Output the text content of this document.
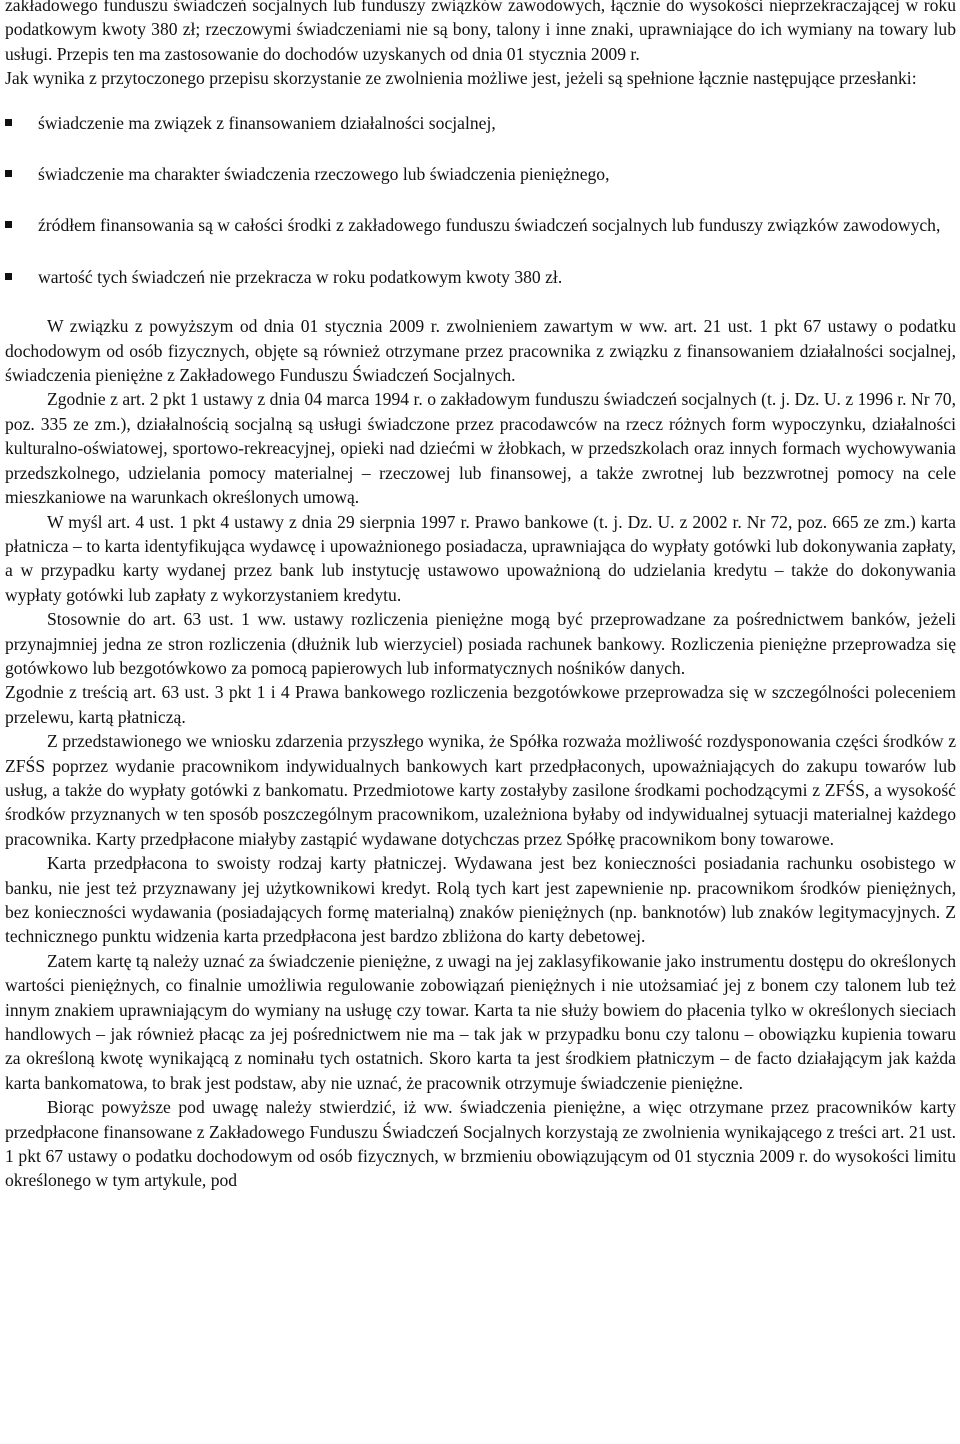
zakładowego funduszu świadczeń socjalnych lub funduszy związków zawodowych, łącznie do wysokości nieprzekraczającej w roku podatkowym kwoty 380 zł; rzeczowymi świadczeniami nie są bony, talony i inne znaki, uprawniające do ich wymiany na towary lub usługi. Przepis ten ma zastosowanie do dochodów uzyskanych od dnia 01 stycznia 2009 r.

Jak wynika z przytoczonego przepisu skorzystanie ze zwolnienia możliwe jest, jeżeli są spełnione łącznie następujące przesłanki:

świadczenie ma związek z finansowaniem działalności socjalnej,
świadczenie ma charakter świadczenia rzeczowego lub świadczenia pieniężnego,
źródłem finansowania są w całości środki z zakładowego funduszu świadczeń socjalnych lub funduszy związków zawodowych,
wartość tych świadczeń nie przekracza w roku podatkowym kwoty 380 zł.

W związku z powyższym od dnia 01 stycznia 2009 r. zwolnieniem zawartym w ww. art. 21 ust. 1 pkt 67 ustawy o podatku dochodowym od osób fizycznych, objęte są również otrzymane przez pracownika z związku z finansowaniem działalności socjalnej, świadczenia pieniężne z Zakładowego Funduszu Świadczeń Socjalnych.

Zgodnie z art. 2 pkt 1 ustawy z dnia 04 marca 1994 r. o zakładowym funduszu świadczeń socjalnych (t. j. Dz. U. z 1996 r. Nr 70, poz. 335 ze zm.), działalnością socjalną są usługi świadczone przez pracodawców na rzecz różnych form wypoczynku, działalności kulturalno-oświatowej, sportowo-rekreacyjnej, opieki nad dziećmi w żłobkach, w przedszkolach oraz innych formach wychowywania przedszkolnego, udzielania pomocy materialnej – rzeczowej lub finansowej, a także zwrotnej lub bezzwrotnej pomocy na cele mieszkaniowe na warunkach określonych umową.

W myśl art. 4 ust. 1 pkt 4 ustawy z dnia 29 sierpnia 1997 r. Prawo bankowe (t. j. Dz. U. z 2002 r. Nr 72, poz. 665 ze zm.) karta płatnicza – to karta identyfikująca wydawcę i upoważnionego posiadacza, uprawniająca do wypłaty gotówki lub dokonywania zapłaty, a w przypadku karty wydanej przez bank lub instytucję ustawowo upoważnioną do udzielania kredytu – także do dokonywania wypłaty gotówki lub zapłaty z wykorzystaniem kredytu.

Stosownie do art. 63 ust. 1 ww. ustawy rozliczenia pieniężne mogą być przeprowadzane za pośrednictwem banków, jeżeli przynajmniej jedna ze stron rozliczenia (dłużnik lub wierzyciel) posiada rachunek bankowy. Rozliczenia pieniężne przeprowadza się gotówkowo lub bezgotówkowo za pomocą papierowych lub informatycznych nośników danych.

Zgodnie z treścią art. 63 ust. 3 pkt 1 i 4 Prawa bankowego rozliczenia bezgotówkowe przeprowadza się w szczególności poleceniem przelewu, kartą płatniczą.

Z przedstawionego we wniosku zdarzenia przyszłego wynika, że Spółka rozważa możliwość rozdysponowania części środków z ZFŚS poprzez wydanie pracownikom indywidualnych bankowych kart przedpłaconych, upoważniających do zakupu towarów lub usług, a także do wypłaty gotówki z bankomatu. Przedmiotowe karty zostałyby zasilone środkami pochodzącymi z ZFŚS, a wysokość środków przyznanych w ten sposób poszczególnym pracownikom, uzależniona byłaby od indywidualnej sytuacji materialnej każdego pracownika. Karty przedpłacone miałyby zastąpić wydawane dotychczas przez Spółkę pracownikom bony towarowe.

Karta przedpłacona to swoisty rodzaj karty płatniczej. Wydawana jest bez konieczności posiadania rachunku osobistego w banku, nie jest też przyznawany jej użytkownikowi kredyt. Rolą tych kart jest zapewnienie np. pracownikom środków pieniężnych, bez konieczności wydawania (posiadających formę materialną) znaków pieniężnych (np. banknotów) lub znaków legitymacyjnych. Z technicznego punktu widzenia karta przedpłacona jest bardzo zbliżona do karty debetowej.

Zatem kartę tą należy uznać za świadczenie pieniężne, z uwagi na jej zaklasyfikowanie jako instrumentu dostępu do określonych wartości pieniężnych, co finalnie umożliwia regulowanie zobowiązań pieniężnych i nie utożsamiać jej z bonem czy talonem lub też innym znakiem uprawniającym do wymiany na usługę czy towar. Karta ta nie służy bowiem do płacenia tylko w określonych sieciach handlowych – jak również płacąc za jej pośrednictwem nie ma – tak jak w przypadku bonu czy talonu – obowiązku kupienia towaru za określoną kwotę wynikającą z nominału tych ostatnich. Skoro karta ta jest środkiem płatniczym – de facto działającym jak każda karta bankomatowa, to brak jest podstaw, aby nie uznać, że pracownik otrzymuje świadczenie pieniężne.

Biorąc powyższe pod uwagę należy stwierdzić, iż ww. świadczenia pieniężne, a więc otrzymane przez pracowników karty przedpłacone finansowane z Zakładowego Funduszu Świadczeń Socjalnych korzystają ze zwolnienia wynikającego z treści art. 21 ust. 1 pkt 67 ustawy o podatku dochodowym od osób fizycznych, w brzmieniu obowiązującym od 01 stycznia 2009 r. do wysokości limitu określonego w tym artykule, pod
